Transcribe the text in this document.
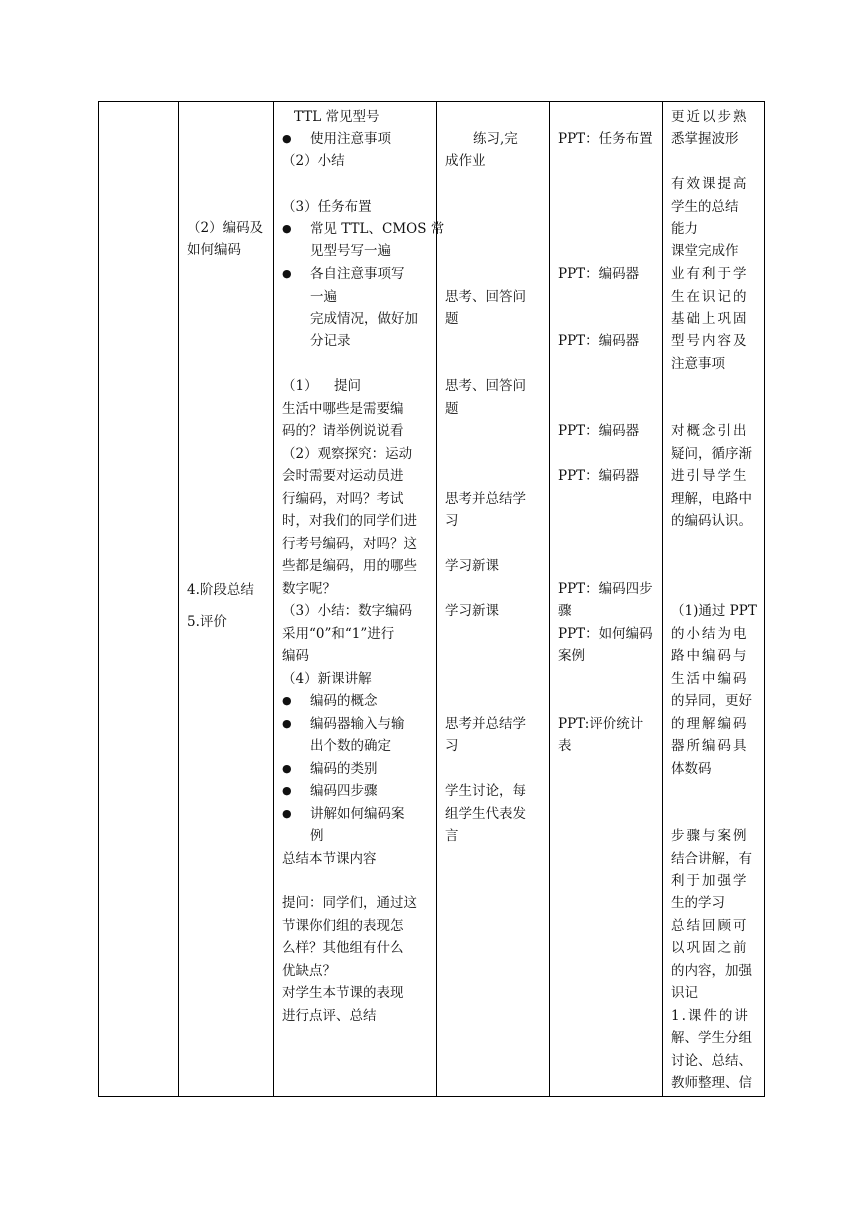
（2）编码及
如何编码
4.阶段总结
5.评价
TTL 常见型号
● 使用注意事项
（2）小结
（3）任务布置
● 常见 TTL、CMOS 常
见型号写一遍
● 各自注意事项写
一遍
完成情况，做好加
分记录
（1） 提问
生活中哪些是需要编
码的？请举例说说看
（2）观察探究：运动
会时需要对运动员进
行编码，对吗？考试
时，对我们的同学们进
行考号编码，对吗？这
些都是编码，用的哪些
数字呢？
（3）小结：数字编码
采用“0”和“1”进行
编码
（4）新课讲解
● 编码的概念
● 编码器输入与输
出个数的确定
● 编码的类别
● 编码四步骤
● 讲解如何编码案
例
总结本节课内容
提问：同学们，通过这
节课你们组的表现怎
么样？其他组有什么
优缺点？
对学生本节课的表现
进行点评、总结
练习,完
成作业
思考、回答问
题
思考、回答问
题
思考并总结学
习
学习新课
学习新课
思考并总结学
习
学生讨论，每
组学生代表发
言
PPT：任务布置
PPT：编码器
PPT：编码器
PPT：编码器
PPT：编码器
PPT：编码四步
骤
PPT：如何编码
案例
PPT:评价统计
表
更近以步熟
悉掌握波形
有效课提高
学生的总结
能力
课堂完成作
业有利于学
生在识记的
基础上巩固
型号内容及
注意事项
对概念引出
疑问，循序渐
进引导学生
理解，电路中
的编码认识。
（1)通过 PPT
的小结为电
路中编码与
生活中编码
的异同，更好
的理解编码
器所编码具
体数码
步骤与案例
结合讲解，有
利于加强学
生的学习
总结回顾可
以巩固之前
的内容，加强
识记
1.课件的讲
解、学生分组
讨论、总结、
教师整理、信
